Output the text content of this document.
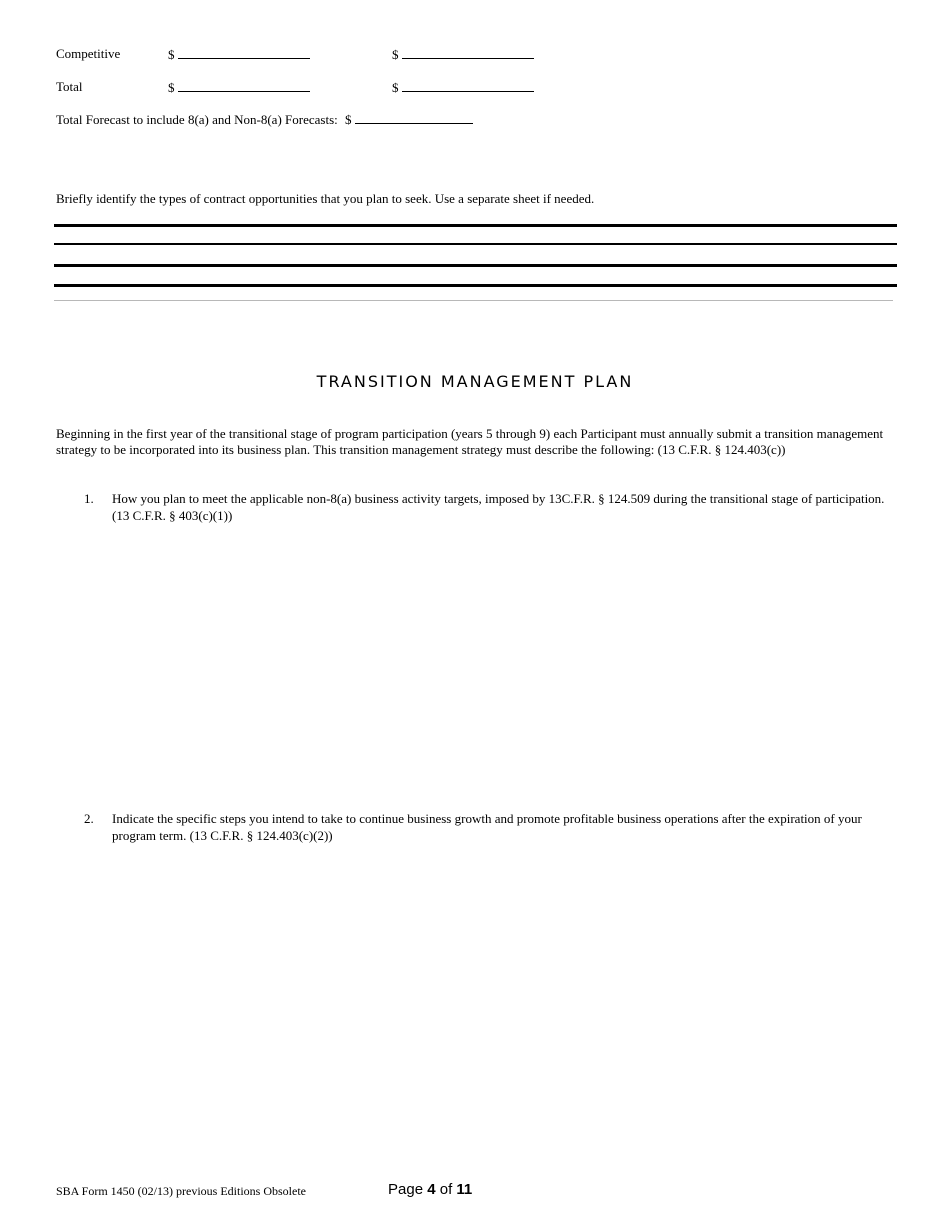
Competitive	$	$
Total	$	$
Total Forecast to include 8(a) and Non-8(a) Forecasts: $
Briefly identify the types of contract opportunities that you plan to seek. Use a separate sheet if needed.
TRANSITION MANAGEMENT PLAN
Beginning in the first year of the transitional stage of program participation (years 5 through 9) each Participant must annually submit a transition management strategy to be incorporated into its business plan. This transition management strategy must describe the following: (13 C.F.R. § 124.403(c))
1. How you plan to meet the applicable non-8(a) business activity targets, imposed by 13C.F.R. § 124.509 during the transitional stage of participation. (13 C.F.R. § 403(c)(1))
2. Indicate the specific steps you intend to take to continue business growth and promote profitable business operations after the expiration of your program term. (13 C.F.R. § 124.403(c)(2))
SBA Form 1450 (02/13) previous Editions Obsolete	Page 4 of 11
